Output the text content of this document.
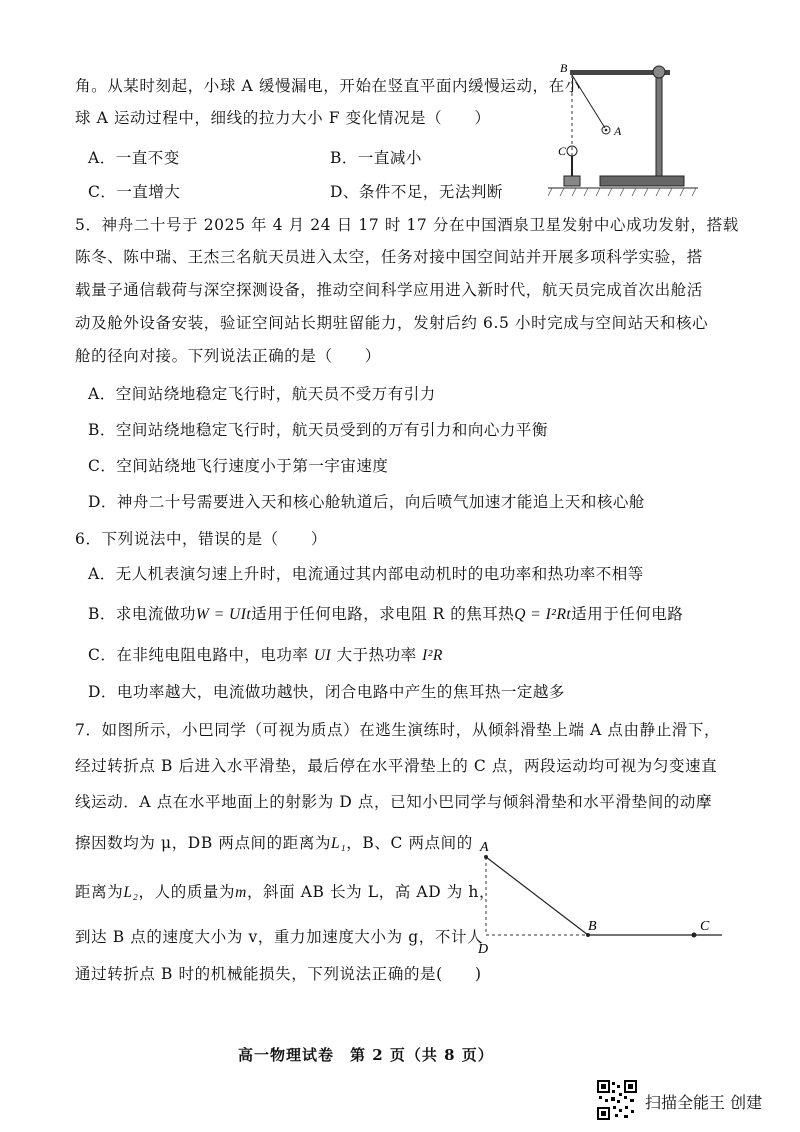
角。从某时刻起，小球 A 缓慢漏电，开始在竖直平面内缓慢运动，在小
球 A 运动过程中，细线的拉力大小 F 变化情况是（　　）
A．一直不变	B．一直减小
C．一直增大	D、条件不足，无法判断
B
A
C
5．神舟二十号于 2025 年 4 月 24 日 17 时 17 分在中国酒泉卫星发射中心成功发射，搭载
陈冬、陈中瑞、王杰三名航天员进入太空，任务对接中国空间站并开展多项科学实验，搭
载量子通信载荷与深空探测设备，推动空间科学应用进入新时代，航天员完成首次出舱活
动及舱外设备安装，验证空间站长期驻留能力，发射后约 6.5 小时完成与空间站天和核心
舱的径向对接。下列说法正确的是（　　）
A．空间站绕地稳定飞行时，航天员不受万有引力
B．空间站绕地稳定飞行时，航天员受到的万有引力和向心力平衡
C．空间站绕地飞行速度小于第一宇宙速度
D．神舟二十号需要进入天和核心舱轨道后，向后喷气加速才能追上天和核心舱
6．下列说法中，错误的是（　　）
A．无人机表演匀速上升时，电流通过其内部电动机时的电功率和热功率不相等
B．求电流做功W = UIt适用于任何电路，求电阻 R 的焦耳热Q = I²Rt适用于任何电路
C．在非纯电阻电路中，电功率 UI 大于热功率 I²R
D．电功率越大，电流做功越快，闭合电路中产生的焦耳热一定越多
7．如图所示，小巴同学（可视为质点）在逃生演练时，从倾斜滑垫上端 A 点由静止滑下，
经过转折点 B 后进入水平滑垫，最后停在水平滑垫上的 C 点，两段运动均可视为匀变速直
线运动．A 点在水平地面上的射影为 D 点，已知小巴同学与倾斜滑垫和水平滑垫间的动摩
擦因数均为 μ，DB 两点间的距离为L₁，B、C 两点间的
距离为L₂，人的质量为m，斜面 AB 长为 L，高 AD 为 h，
到达 B 点的速度大小为 v，重力加速度大小为 g，不计人
通过转折点 B 时的机械能损失，下列说法正确的是(　　)
A
B	C
D
高一物理试卷　第 2 页（共 8 页）
扫描全能王 创建
